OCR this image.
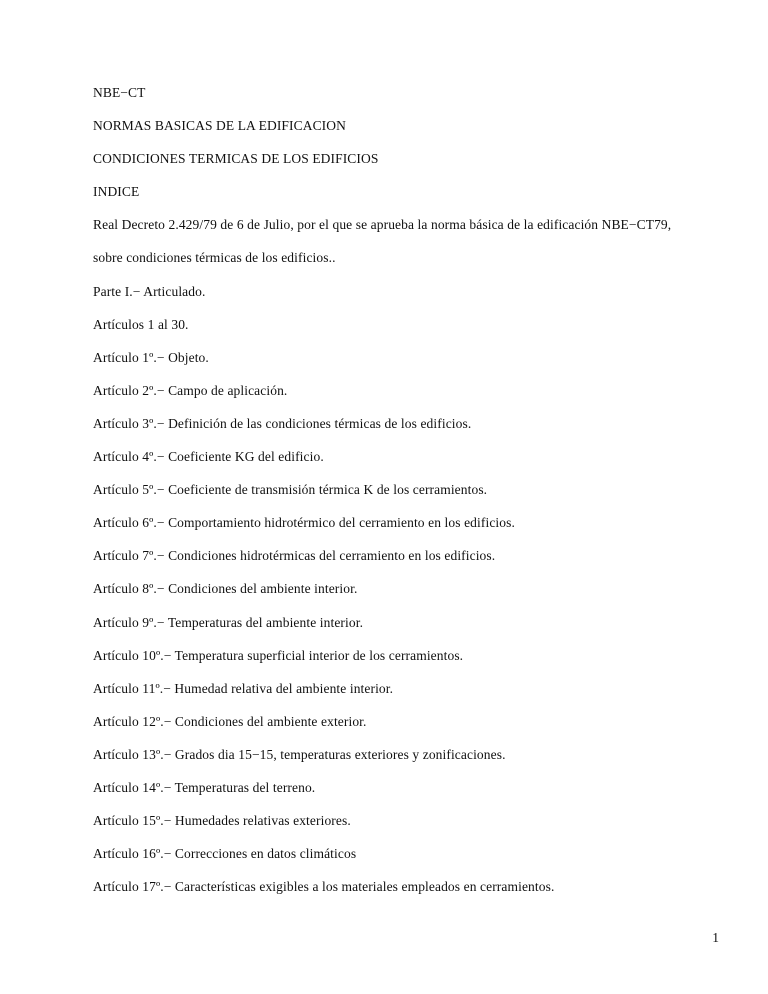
NBE−CT
NORMAS BASICAS DE LA EDIFICACION
CONDICIONES TERMICAS DE LOS EDIFICIOS
INDICE
Real Decreto 2.429/79 de 6 de Julio, por el que se aprueba la norma básica de la edificación NBE−CT79,
sobre condiciones térmicas de los edificios..
Parte I.− Articulado.
Artículos 1 al 30.
Artículo 1º.− Objeto.
Artículo 2º.− Campo de aplicación.
Artículo 3º.− Definición de las condiciones térmicas de los edificios.
Artículo 4º.− Coeficiente KG del edificio.
Artículo 5º.− Coeficiente de transmisión térmica K de los cerramientos.
Artículo 6º.− Comportamiento hidrotérmico del cerramiento en los edificios.
Artículo 7º.− Condiciones hidrotérmicas del cerramiento en los edificios.
Artículo 8º.− Condiciones del ambiente interior.
Artículo 9º.− Temperaturas del ambiente interior.
Artículo 10º.− Temperatura superficial interior de los cerramientos.
Artículo 11º.− Humedad relativa del ambiente interior.
Artículo 12º.− Condiciones del ambiente exterior.
Artículo 13º.− Grados dia 15−15, temperaturas exteriores y zonificaciones.
Artículo 14º.− Temperaturas del terreno.
Artículo 15º.− Humedades relativas exteriores.
Artículo 16º.− Correcciones en datos climáticos
Artículo 17º.− Características exigibles a los materiales empleados en cerramientos.
1
